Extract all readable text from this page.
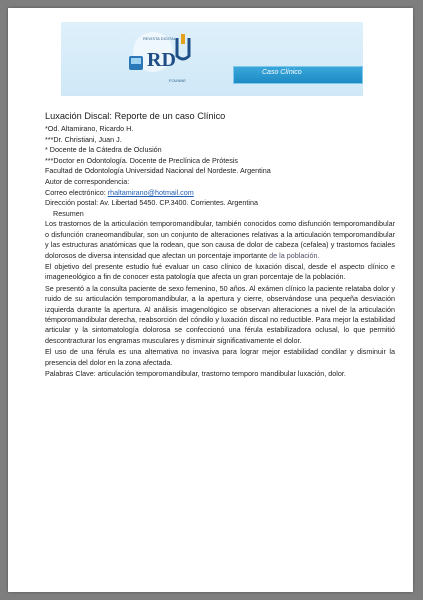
REVISTA DIGITAL
RD
FOUNNE
Caso Clínico
Luxación Discal: Reporte de un caso Clínico
*Od. Altamirano, Ricardo H.
***Dr. Christiani, Juan J.
* Docente de la Cátedra de Oclusión
***Doctor en Odontología. Docente de Preclínica de Prótesis
Facultad de Odontología Universidad Nacional del Nordeste. Argentina
Autor de correspondencia:
Correo electrónico: rhaltamirano@hotmail.com
Dirección postal: Av. Libertad 5450. CP.3400. Corrientes. Argentina
Resumen

Los trastornos de la articulación temporomandibular, también conocidos como disfunción temporomandibular o disfunción craneomandibular, son un conjunto de alteraciones relativas a la articulación temporomandibular y las estructuras anatómicas que la rodean, que son causa de dolor de cabeza (cefalea) y trastornos faciales dolorosos de diversa intensidad que afectan un porcentaje importante de la población.

El objetivo del presente estudio fué evaluar un caso clínico de luxación discal, desde el aspecto clínico e imageneológico a fin de conocer esta patología que afecta un gran porcentaje de la población.

Se presentó a la consulta paciente de sexo femenino, 50 años. Al exámen clínico la paciente relataba dolor y ruido de su articulación temporomandibular, a la apertura y cierre, observándose una pequeña desviación izquierda durante la apertura. Al análisis imagenológico se observan alteraciones a nivel de la articulación témporomandibular derecha, reabsorción del cóndilo y luxación discal no reductible. Para mejor la estabilidad articular y la sintomatología dolorosa se confeccionó una férula estabilizadora oclusal, lo que permitió descontracturar los engramas musculares y disminuir significativamente el dolor.

El uso de una férula es una alternativa no invasiva para lograr mejor estabilidad condilar y disminuir la presencia del dolor en la zona afectada.

Palabras Clave: articulación temporomandibular, trastorno temporo mandibular luxación, dolor.
